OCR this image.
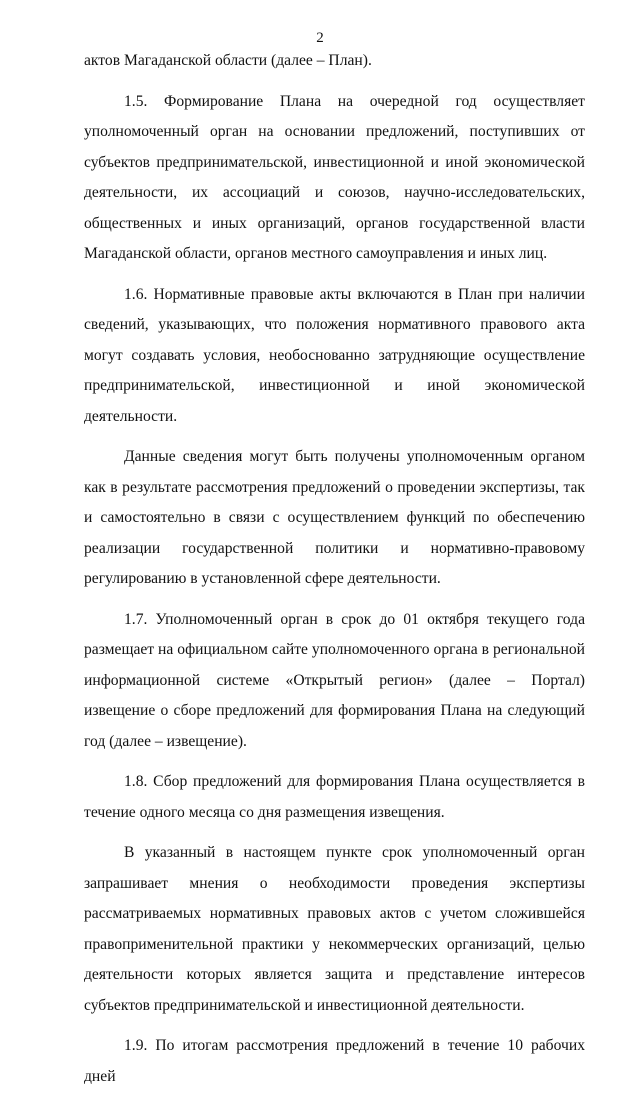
2

актов Магаданской области (далее – План).

1.5. Формирование Плана на очередной год осуществляет уполномоченный орган на основании предложений, поступивших от субъектов предпринимательской, инвестиционной и иной экономической деятельности, их ассоциаций и союзов, научно-исследовательских, общественных и иных организаций, органов государственной власти Магаданской области, органов местного самоуправления и иных лиц.

1.6. Нормативные правовые акты включаются в План при наличии сведений, указывающих, что положения нормативного правового акта могут создавать условия, необоснованно затрудняющие осуществление предпринимательской, инвестиционной и иной экономической деятельности.

Данные сведения могут быть получены уполномоченным органом как в результате рассмотрения предложений о проведении экспертизы, так и самостоятельно в связи с осуществлением функций по обеспечению реализации государственной политики и нормативно-правовому регулированию в установленной сфере деятельности.

1.7. Уполномоченный орган в срок до 01 октября текущего года размещает на официальном сайте уполномоченного органа в региональной информационной системе «Открытый регион» (далее – Портал) извещение о сборе предложений для формирования Плана на следующий год (далее – извещение).

1.8. Сбор предложений для формирования Плана осуществляется в течение одного месяца со дня размещения извещения.

В указанный в настоящем пункте срок уполномоченный орган запрашивает мнения о необходимости проведения экспертизы рассматриваемых нормативных правовых актов с учетом сложившейся правоприменительной практики у некоммерческих организаций, целью деятельности которых является защита и представление интересов субъектов предпринимательской и инвестиционной деятельности.

1.9. По итогам рассмотрения предложений в течение 10 рабочих дней
